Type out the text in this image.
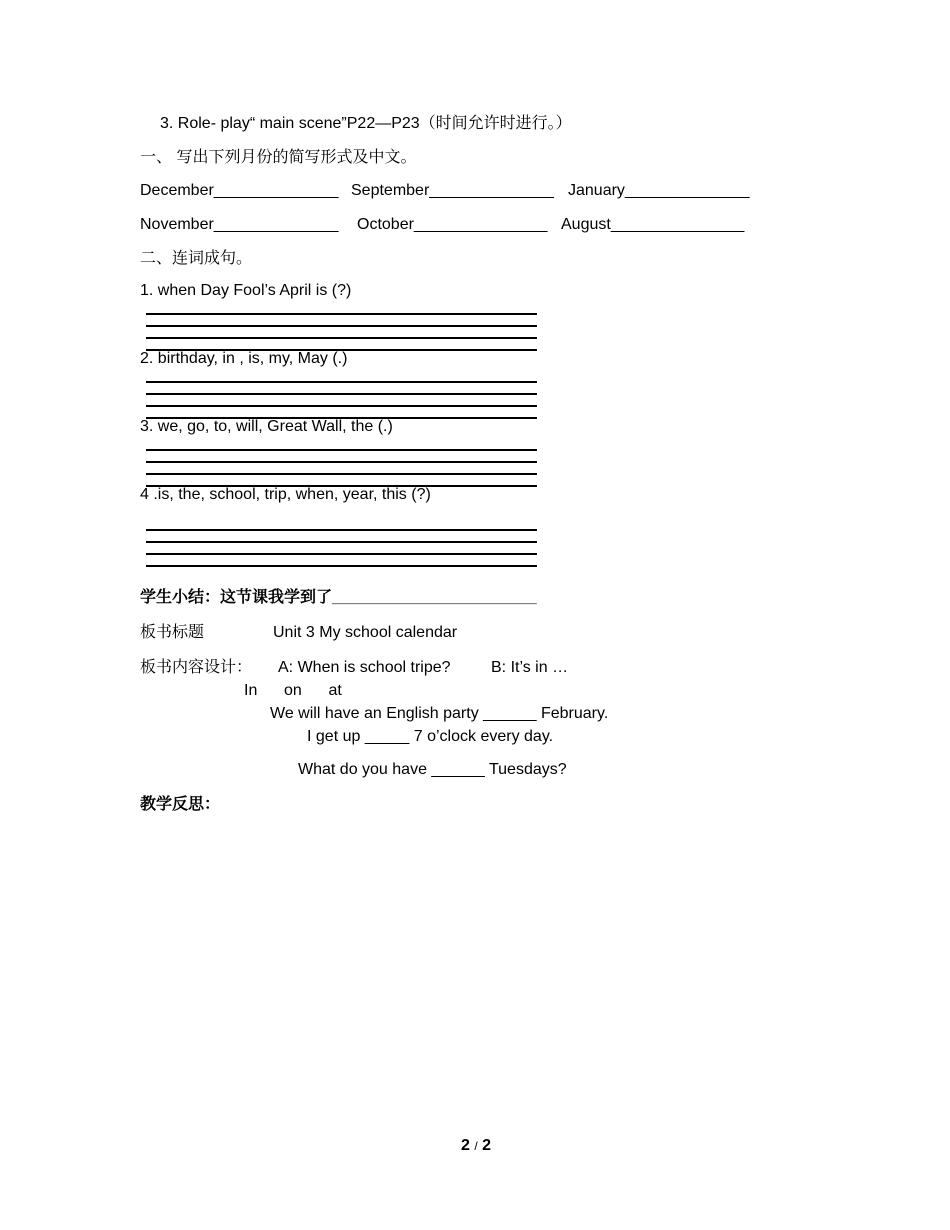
3. Role- play“ main scene”P22—P23（时间允许时进行。）
一、 写出下列月份的简写形式及中文。
December______________ September______________ January______________
November______________ October_______________ August_______________
二、连词成句。
1. when Day Fool’s April is (?)
2. birthday, in , is, my, May (.)
3. we, go, to, will, Great Wall, the (.)
4 .is, the, school, trip, when, year, this (?)
学生小结：这节课我学到了_______________________
板书标题	Unit 3 My school calendar
板书内容设计： A: When is school tripe?	B: It’s in …
In      on      at
We will have an English party ______ February.
I get up _____ 7 o’clock every day.
What do you have ______ Tuesdays?
教学反思：
2 / 2
